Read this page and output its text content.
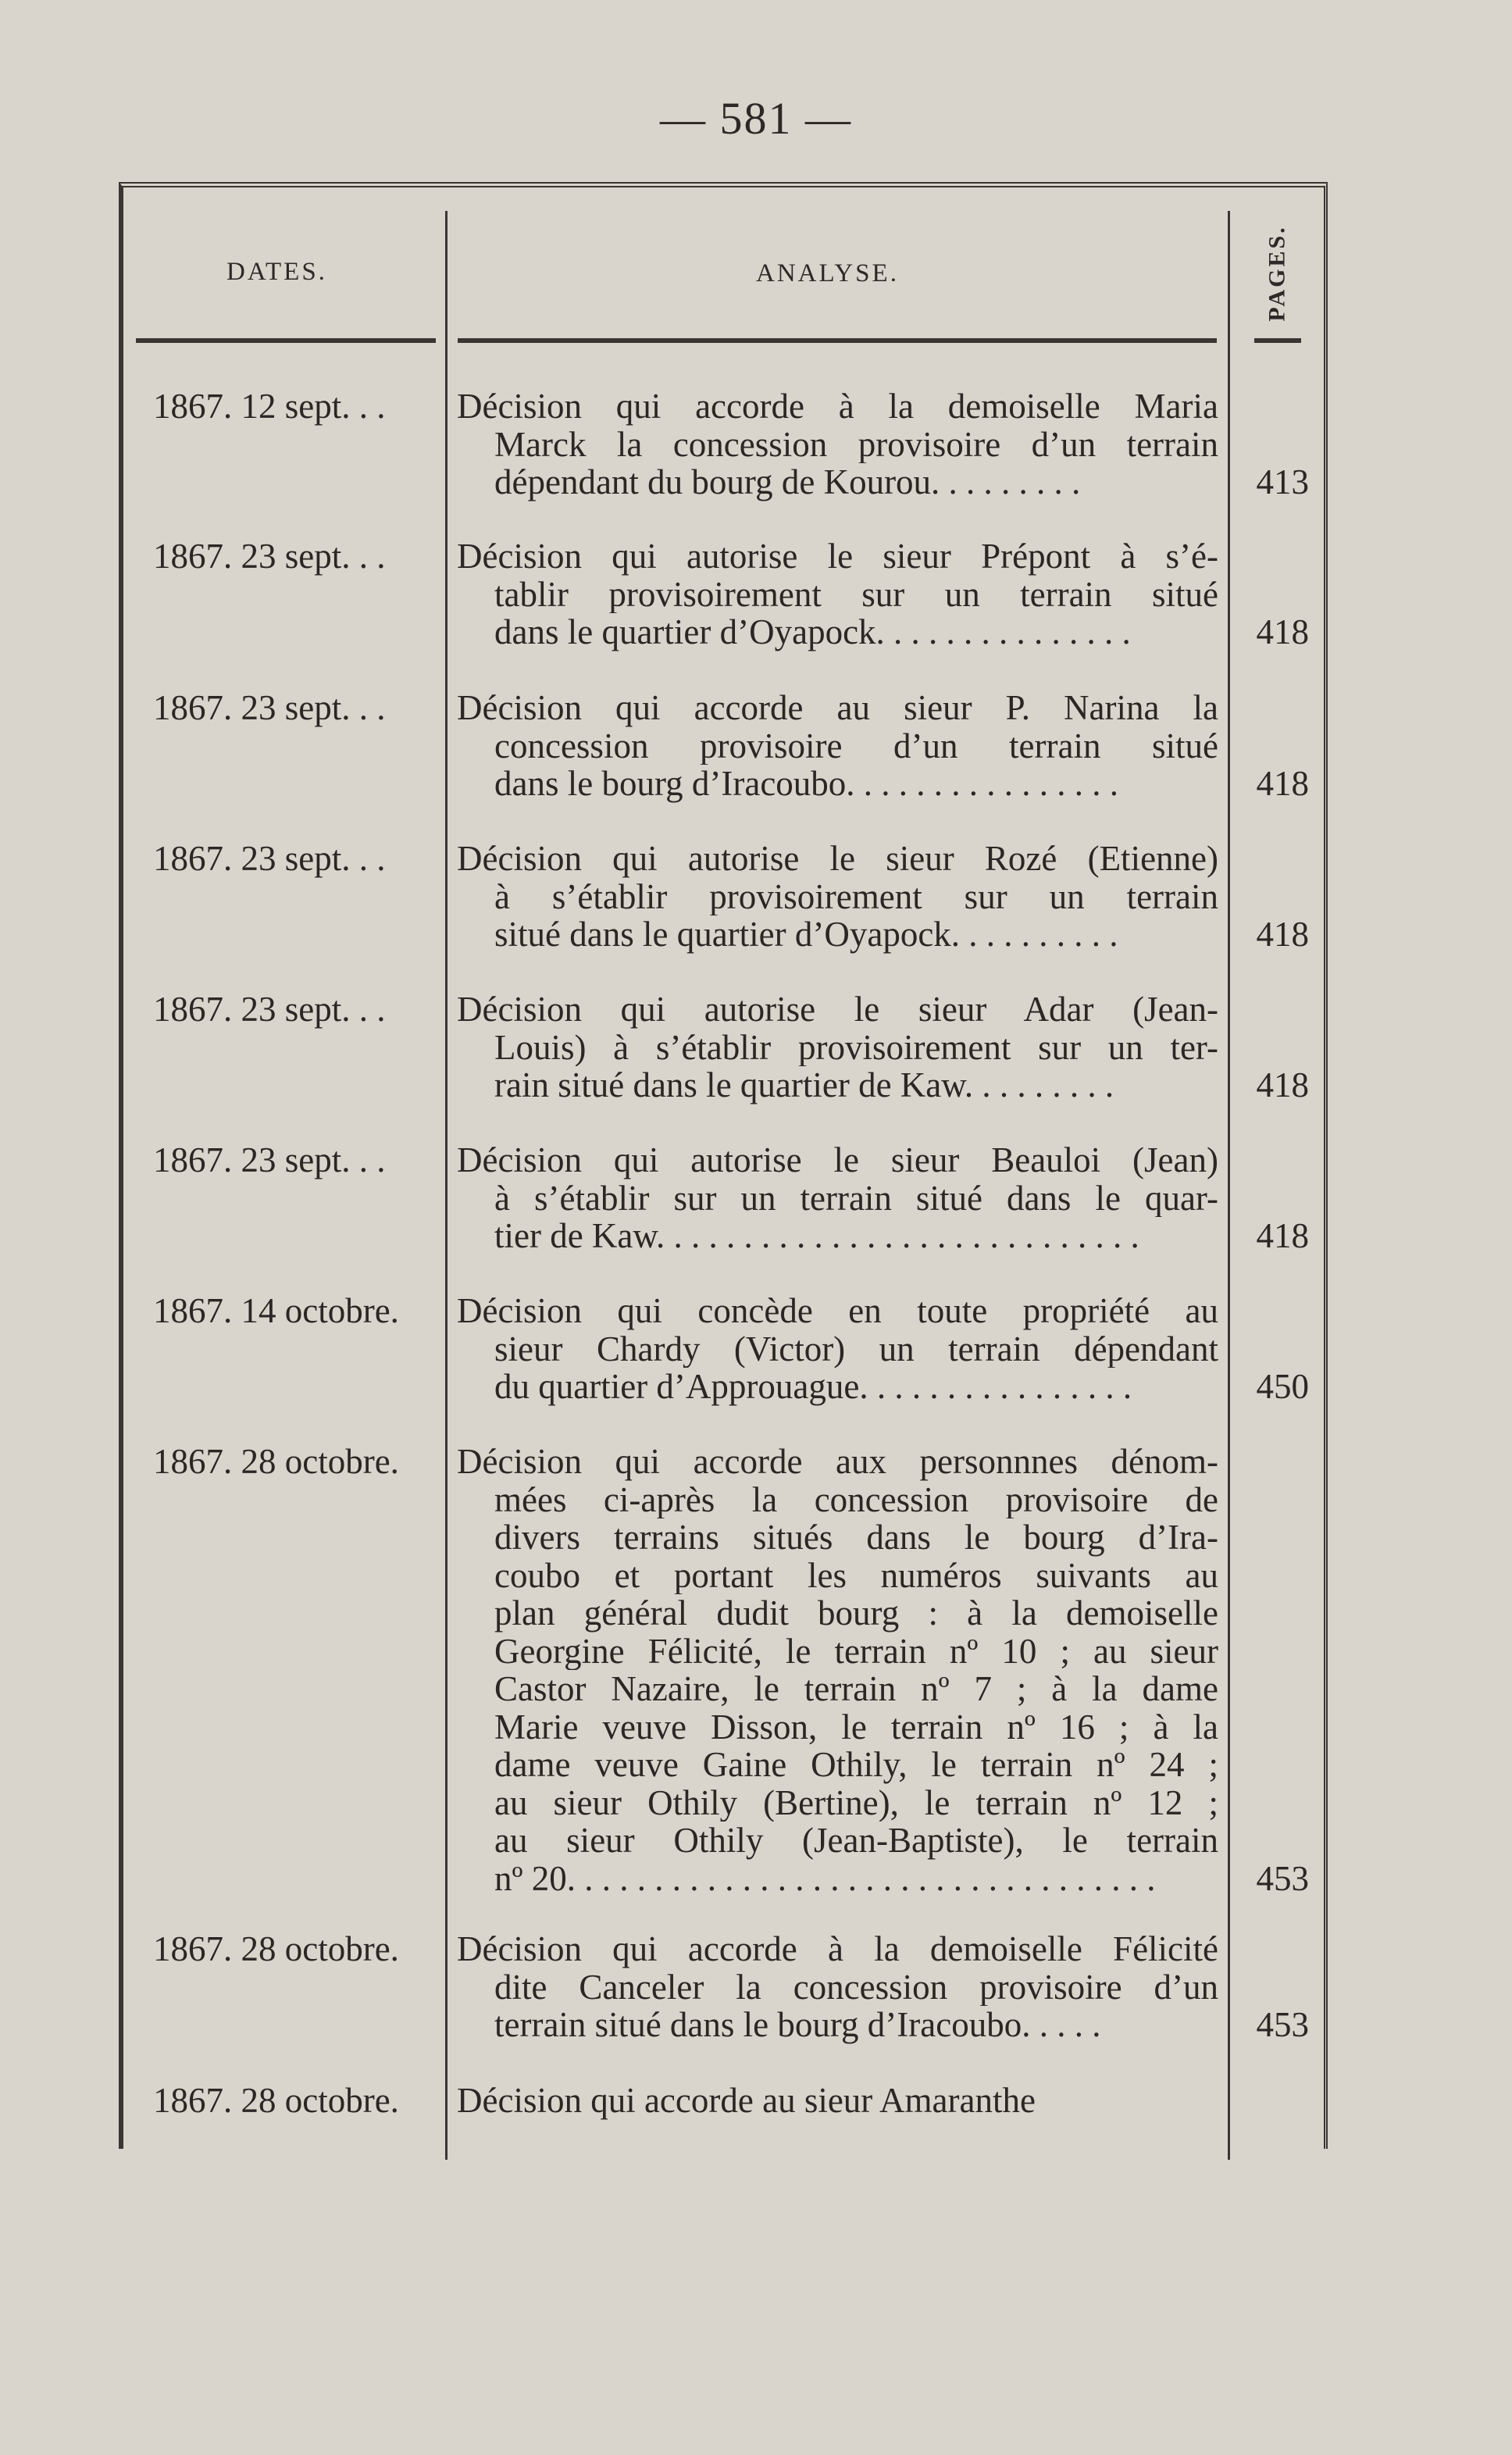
— 581 —
DATES.	ANALYSE.	PAGES.
1867. 12 sept. . .	Décision qui accorde à la demoiselle Maria
Marck la concession provisoire d’un terrain
dépendant du bourg de Kourou. . . . . . . . .	413
1867. 23 sept. . .	Décision qui autorise le sieur Prépont à s’é-
tablir provisoirement sur un terrain situé
dans le quartier d’Oyapock. . . . . . . . . . . . . . .	418
1867. 23 sept. . .	Décision qui accorde au sieur P. Narina la
concession provisoire d’un terrain situé
dans le bourg d’Iracoubo. . . . . . . . . . . . . . . .	418
1867. 23 sept. . .	Décision qui autorise le sieur Rozé (Etienne)
à s’établir provisoirement sur un terrain
situé dans le quartier d’Oyapock. . . . . . . . . .	418
1867. 23 sept. . .	Décision qui autorise le sieur Adar (Jean-
Louis) à s’établir provisoirement sur un ter-
rain situé dans le quartier de Kaw. . . . . . . . .	418
1867. 23 sept. . .	Décision qui autorise le sieur Beauloi (Jean)
à s’établir sur un terrain situé dans le quar-
tier de Kaw. . . . . . . . . . . . . . . . . . . . . . . . . . . .	418
1867. 14 octobre.	Décision qui concède en toute propriété au
sieur Chardy (Victor) un terrain dépendant
du quartier d’Approuague. . . . . . . . . . . . . . . .	450
1867. 28 octobre.	Décision qui accorde aux personnnes dénom-
mées ci-après la concession provisoire de
divers terrains situés dans le bourg d’Ira-
coubo et portant les numéros suivants au
plan général dudit bourg : à la demoiselle
Georgine Félicité, le terrain nº 10 ; au sieur
Castor Nazaire, le terrain nº 7 ; à la dame
Marie veuve Disson, le terrain nº 16 ; à la
dame veuve Gaine Othily, le terrain nº 24 ;
au sieur Othily (Bertine), le terrain nº 12 ;
au sieur Othily (Jean-Baptiste), le terrain
nº 20. . . . . . . . . . . . . . . . . . . . . . . . . . . . . . . . . .	453
1867. 28 octobre.	Décision qui accorde à la demoiselle Félicité
dite Canceler la concession provisoire d’un
terrain situé dans le bourg d’Iracoubo. . . . .	453
1867. 28 octobre.	Décision qui accorde au sieur Amaranthe
